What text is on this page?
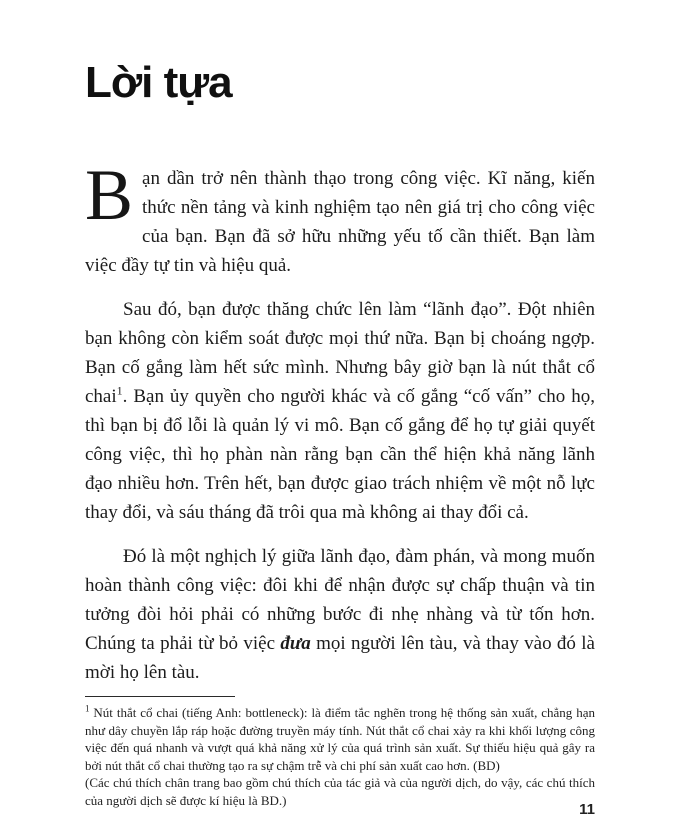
Lời tựa

Bạn dần trở nên thành thạo trong công việc. Kĩ năng, kiến thức nền tảng và kinh nghiệm tạo nên giá trị cho công việc của bạn. Bạn đã sở hữu những yếu tố cần thiết. Bạn làm việc đầy tự tin và hiệu quả.

Sau đó, bạn được thăng chức lên làm “lãnh đạo”. Đột nhiên bạn không còn kiểm soát được mọi thứ nữa. Bạn bị choáng ngợp. Bạn cố gắng làm hết sức mình. Nhưng bây giờ bạn là nút thắt cổ chai$^1$. Bạn ủy quyền cho người khác và cố gắng “cố vấn” cho họ, thì bạn bị đổ lỗi là quản lý vi mô. Bạn cố gắng để họ tự giải quyết công việc, thì họ phàn nàn rằng bạn cần thể hiện khả năng lãnh đạo nhiều hơn. Trên hết, bạn được giao trách nhiệm về một nỗ lực thay đổi, và sáu tháng đã trôi qua mà không ai thay đổi cả.

Đó là một nghịch lý giữa lãnh đạo, đàm phán, và mong muốn hoàn thành công việc: đôi khi để nhận được sự chấp thuận và tin tưởng đòi hỏi phải có những bước đi nhẹ nhàng và từ tốn hơn. Chúng ta phải từ bỏ việc đưa mọi người lên tàu, và thay vào đó là mời họ lên tàu.

$^1$ Nút thắt cổ chai (tiếng Anh: bottleneck): là điểm tắc nghẽn trong hệ thống sản xuất, chẳng hạn như dây chuyền lắp ráp hoặc đường truyền máy tính. Nút thắt cổ chai xảy ra khi khối lượng công việc đến quá nhanh và vượt quá khả năng xử lý của quá trình sản xuất. Sự thiếu hiệu quả gây ra bởi nút thắt cổ chai thường tạo ra sự chậm trễ và chi phí sản xuất cao hơn. (BD)

(Các chú thích chân trang bao gồm chú thích của tác giả và của người dịch, do vậy, các chú thích của người dịch sẽ được kí hiệu là BD.)

11
